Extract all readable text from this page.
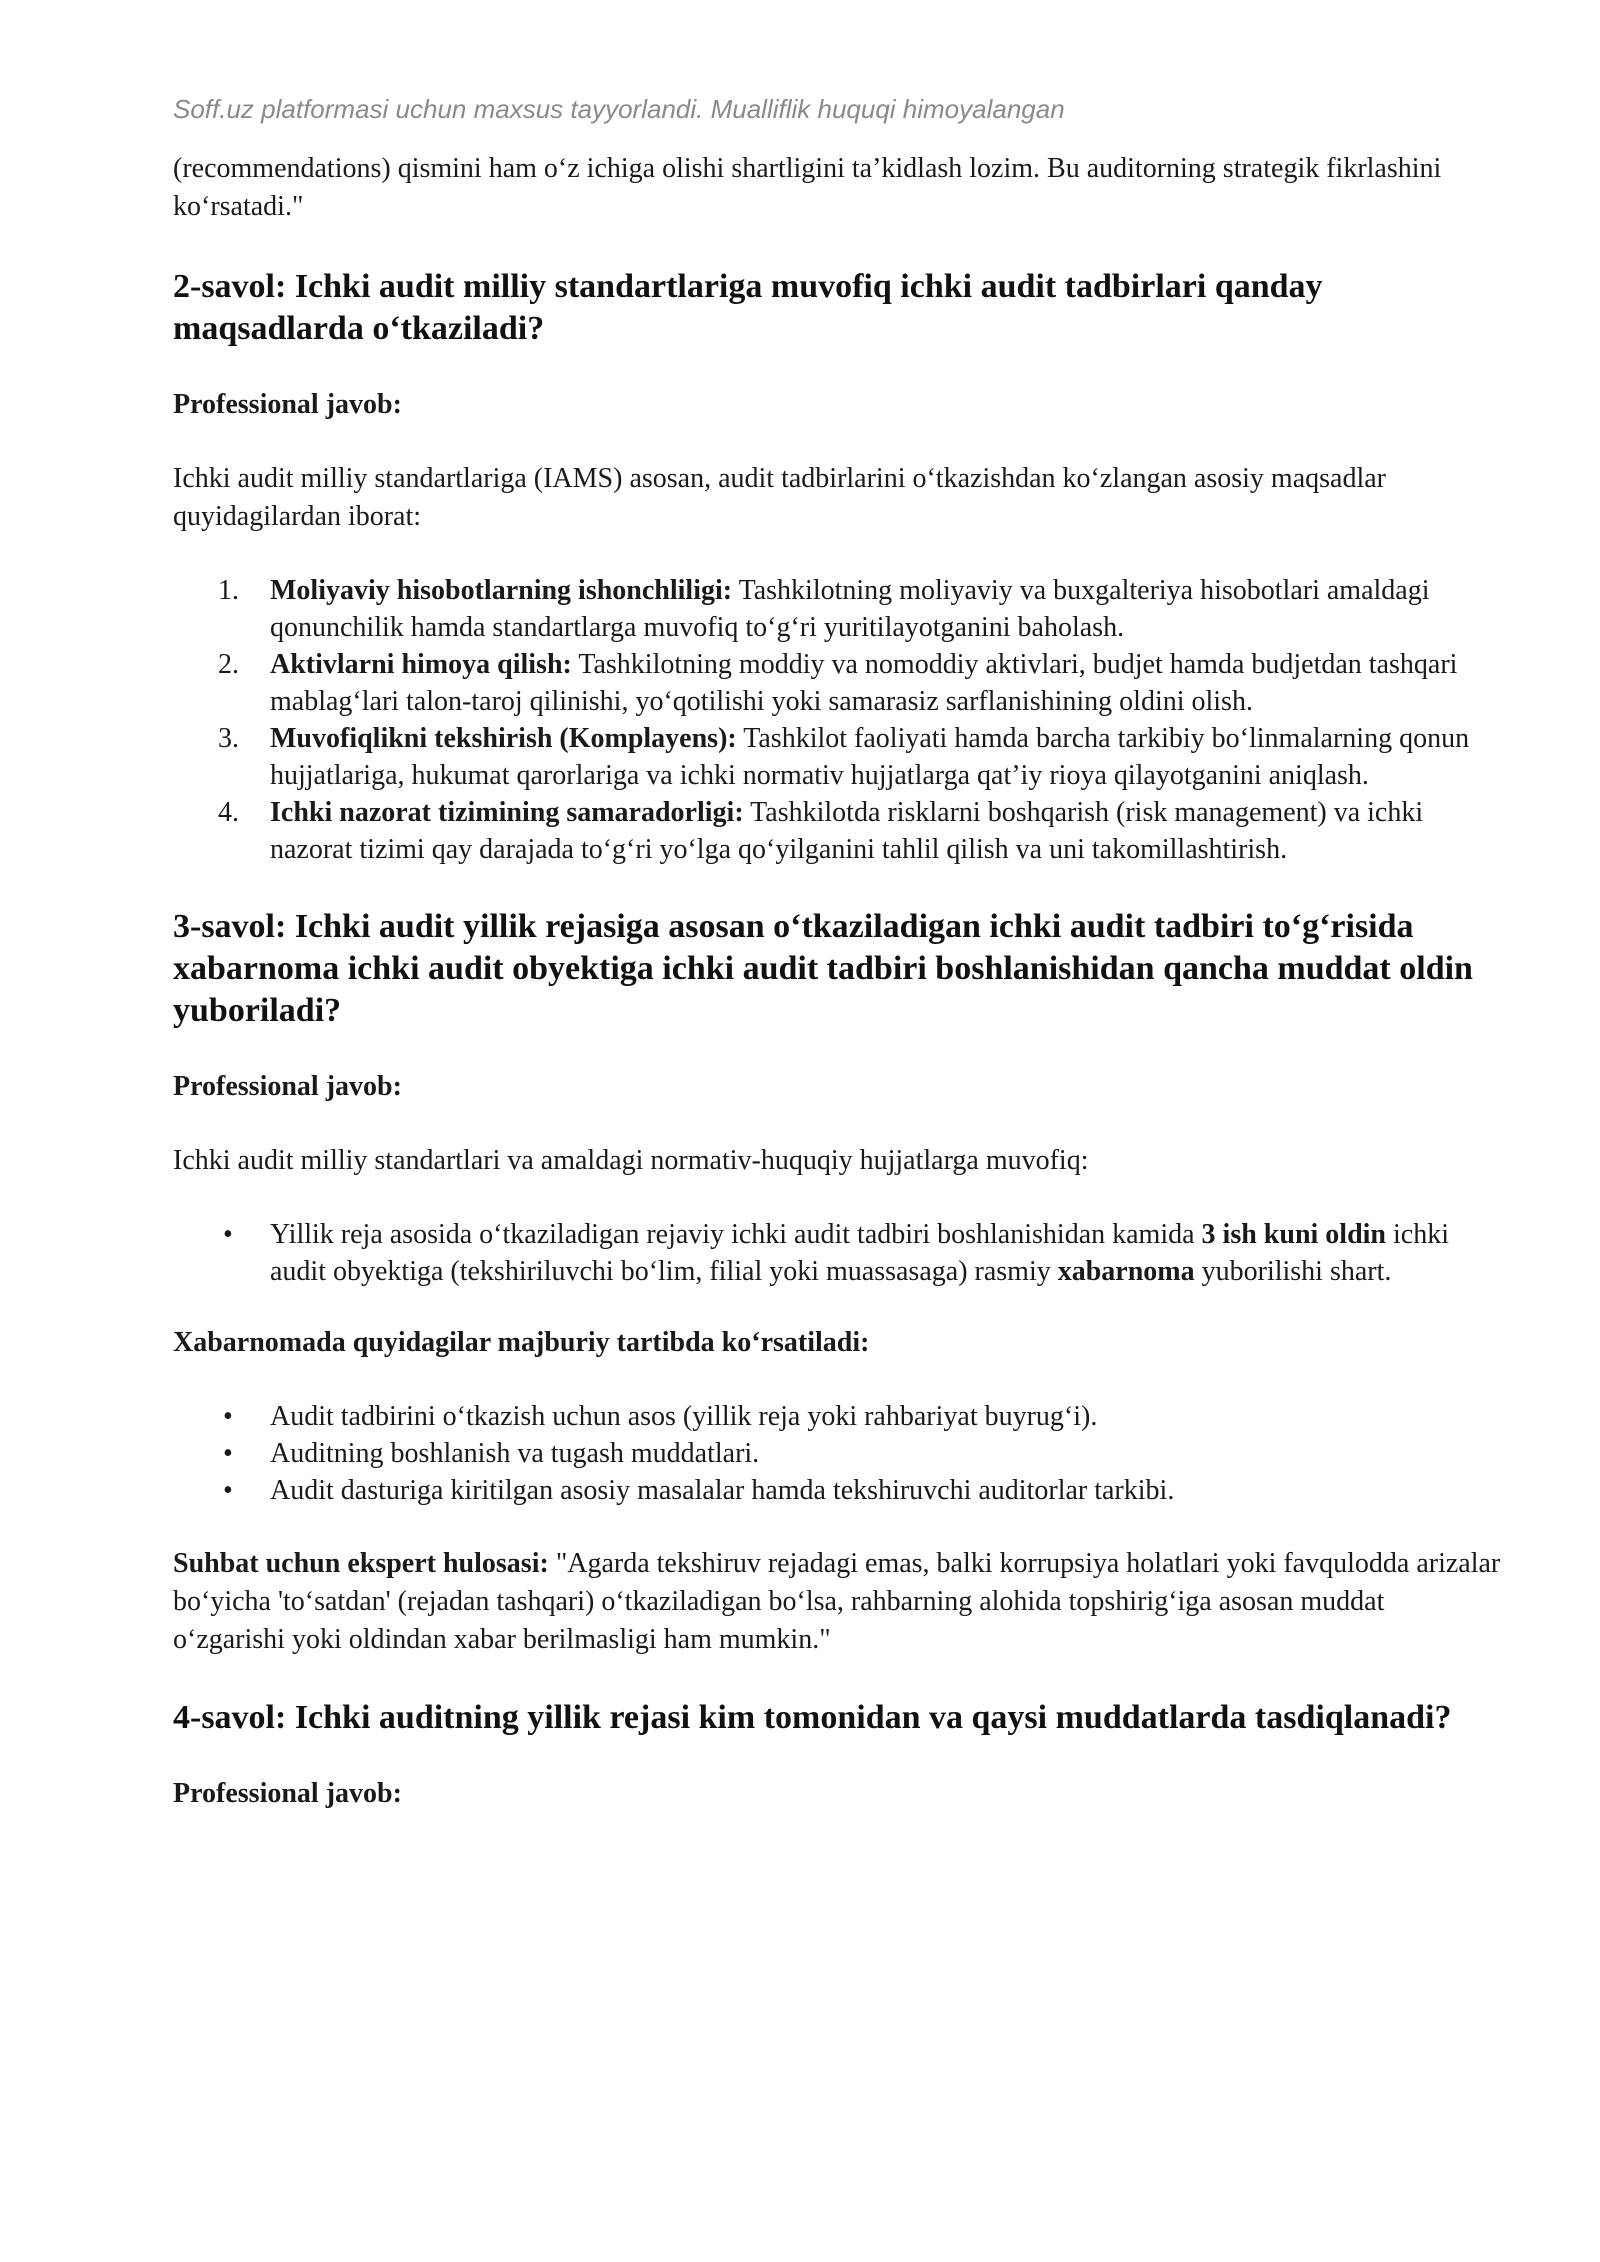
Soff.uz platformasi uchun maxsus tayyorlandi. Mualliflik huquqi himoyalangan

(recommendations) qismini ham o‘z ichiga olishi shartligini ta’kidlash lozim. Bu auditorning strategik fikrlashini ko‘rsatadi."

2-savol: Ichki audit milliy standartlariga muvofiq ichki audit tadbirlari qanday maqsadlarda o‘tkaziladi?

Professional javob:

Ichki audit milliy standartlariga (IAMS) asosan, audit tadbirlarini o‘tkazishdan ko‘zlangan asosiy maqsadlar quyidagilardan iborat:

1.	Moliyaviy hisobotlarning ishonchliligi: Tashkilotning moliyaviy va buxgalteriya hisobotlari amaldagi qonunchilik hamda standartlarga muvofiq to‘g‘ri yuritilayotganini baholash.
2.	Aktivlarni himoya qilish: Tashkilotning moddiy va nomoddiy aktivlari, budjet hamda budjetdan tashqari mablag‘lari talon-taroj qilinishi, yo‘qotilishi yoki samarasiz sarflanishining oldini olish.
3.	Muvofiqlikni tekshirish (Komplayens): Tashkilot faoliyati hamda barcha tarkibiy bo‘linmalarning qonun hujjatlariga, hukumat qarorlariga va ichki normativ hujjatlarga qat’iy rioya qilayotganini aniqlash.
4.	Ichki nazorat tizimining samaradorligi: Tashkilotda risklarni boshqarish (risk management) va ichki nazorat tizimi qay darajada to‘g‘ri yo‘lga qo‘yilganini tahlil qilish va uni takomillashtirish.
3-savol: Ichki audit yillik rejasiga asosan o‘tkaziladigan ichki audit tadbiri to‘g‘risida xabarnoma ichki audit obyektiga ichki audit tadbiri boshlanishidan qancha muddat oldin yuboriladi?

Professional javob:

Ichki audit milliy standartlari va amaldagi normativ-huquqiy hujjatlarga muvofiq:

• Yillik reja asosida o‘tkaziladigan rejaviy ichki audit tadbiri boshlanishidan kamida 3 ish kuni oldin ichki audit obyektiga (tekshiriluvchi bo‘lim, filial yoki muassasaga) rasmiy xabarnoma yuborilishi shart.

Xabarnomada quyidagilar majburiy tartibda ko‘rsatiladi:

• Audit tadbirini o‘tkazish uchun asos (yillik reja yoki rahbariyat buyrug‘i).
• Auditning boshlanish va tugash muddatlari.
• Audit dasturiga kiritilgan asosiy masalalar hamda tekshiruvchi auditorlar tarkibi.

Suhbat uchun ekspert hulosasi: "Agarda tekshiruv rejadagi emas, balki korrupsiya holatlari yoki favqulodda arizalar bo‘yicha 'to‘satdan' (rejadan tashqari) o‘tkaziladigan bo‘lsa, rahbarning alohida topshirig‘iga asosan muddat o‘zgarishi yoki oldindan xabar berilmasligi ham mumkin."

4-savol: Ichki auditning yillik rejasi kim tomonidan va qaysi muddatlarda tasdiqlanadi?

Professional javob:
